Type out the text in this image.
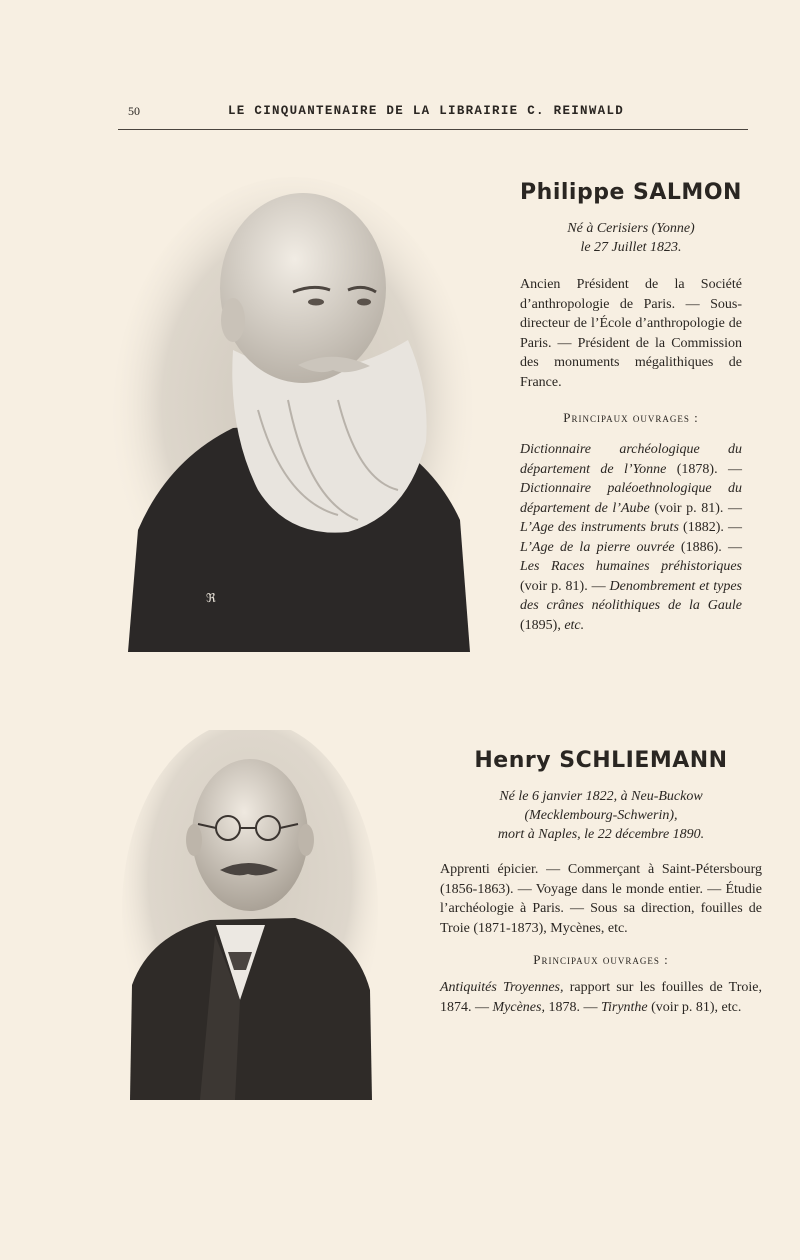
50	LE CINQUANTENAIRE DE LA LIBRAIRIE C. REINWALD
ℜ
Philippe SALMON
Né à Cerisiers (Yonne)
le 27 Juillet 1823.
Ancien Président de la Société d’anthropologie de Paris. — Sous-directeur de l’École d’anthropologie de Paris. — Président de la Commission des monuments mégalithiques de France.
Principaux ouvrages :
Dictionnaire archéologique du département de l’Yonne (1878). — Dictionnaire paléoethnologique du département de l’Aube (voir p. 81). — L’Age des instruments bruts (1882). — L’Age de la pierre ouvrée (1886). — Les Races humaines préhistoriques (voir p. 81). — Denombrement et types des crânes néolithiques de la Gaule (1895), etc.
Henry SCHLIEMANN
Né le 6 janvier 1822, à Neu-Buckow
(Mecklembourg-Schwerin),
mort à Naples, le 22 décembre 1890.
Apprenti épicier. — Commerçant à Saint-Pétersbourg (1856-1863). — Voyage dans le monde entier. — Étudie l’archéologie à Paris. — Sous sa direction, fouilles de Troie (1871-1873), Mycènes, etc.
Principaux ouvrages :
Antiquités Troyennes, rapport sur les fouilles de Troie, 1874. — Mycènes, 1878. — Tirynthe (voir p. 81), etc.
